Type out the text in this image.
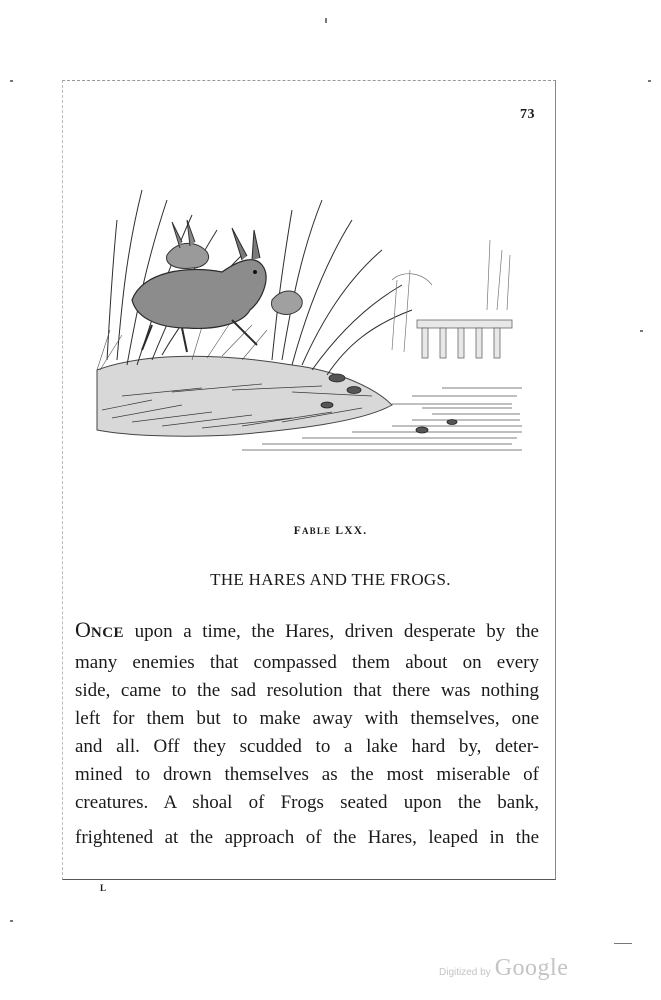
73
FABLE LXX.
THE HARES AND THE FROGS.
ONCE upon a time, the Hares, driven desperate by the
many enemies that compassed them about on every
side, came to the sad resolution that there was nothing
left for them but to make away with themselves, one
and all. Off they scudded to a lake hard by, deter-
mined to drown themselves as the most miserable of
creatures. A shoal of Frogs seated upon the bank,
frightened at the approach of the Hares, leaped in the
L
Digitized by Google
